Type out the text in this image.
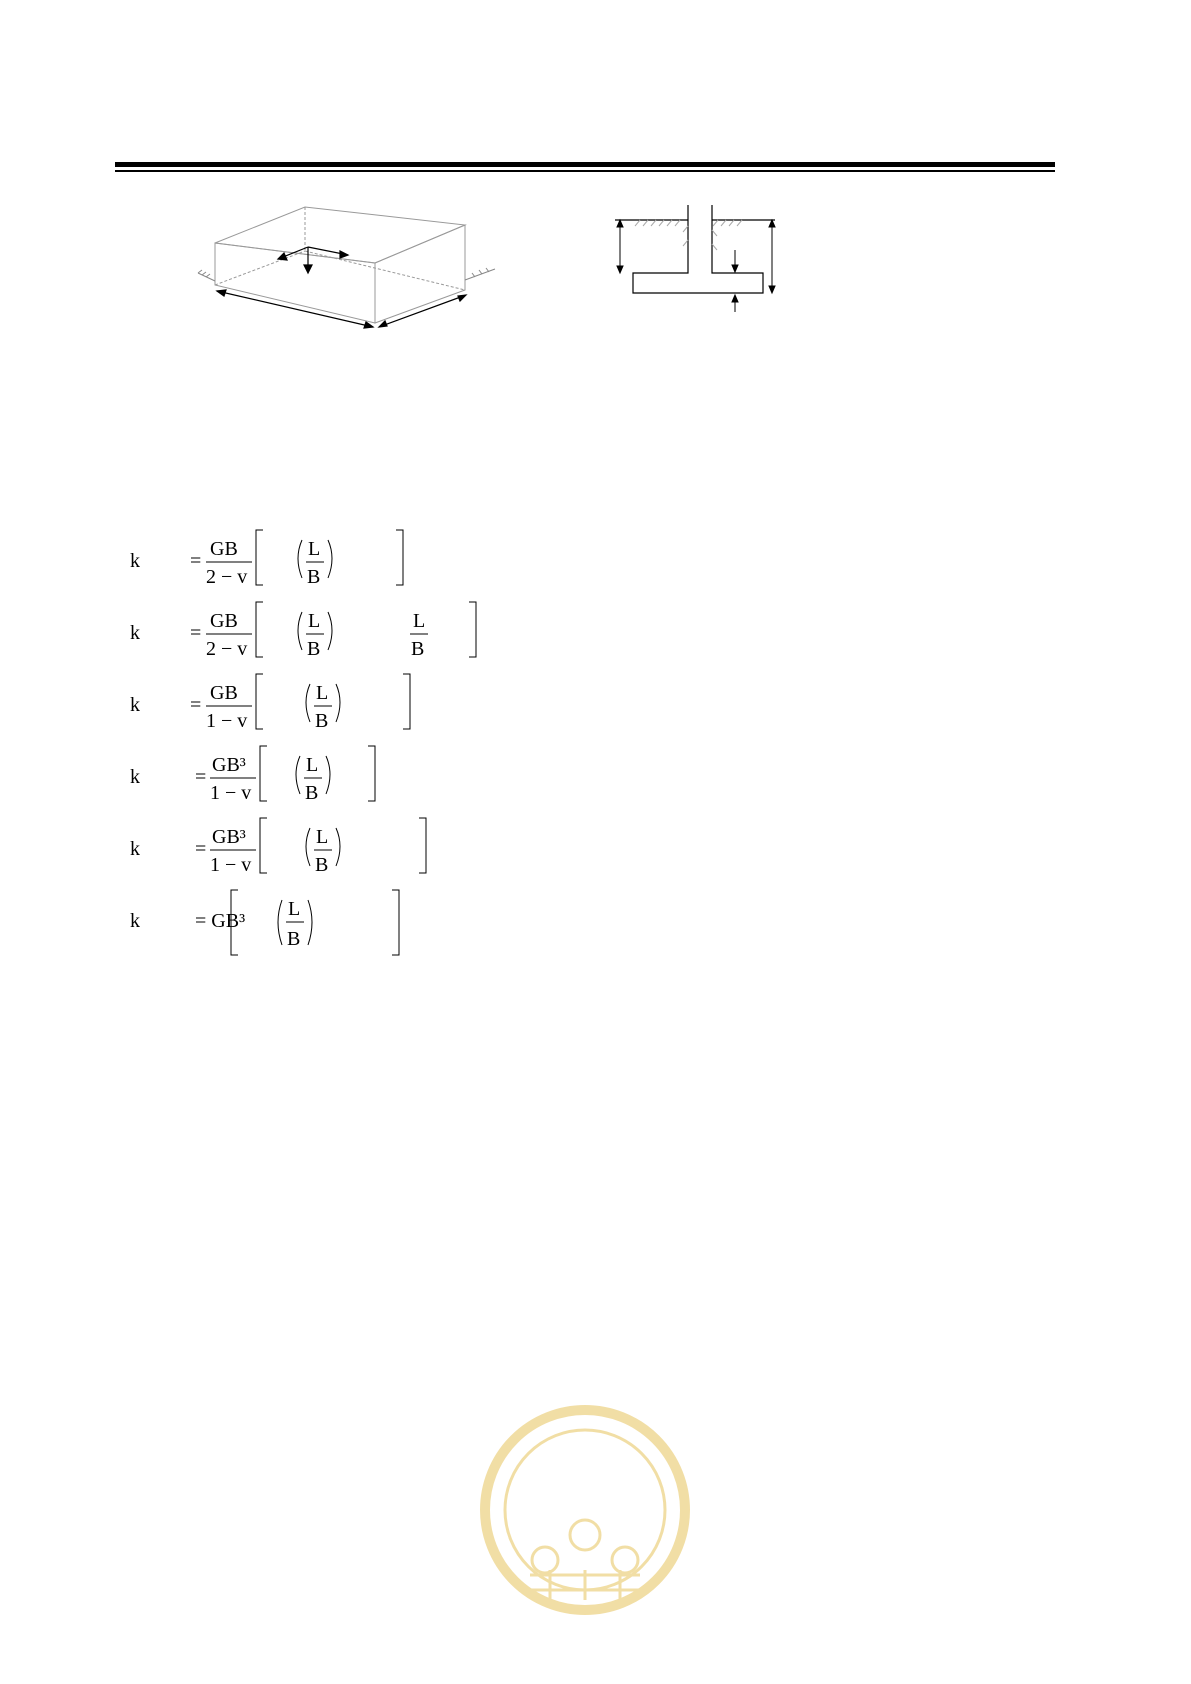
k	=
GB
2 − v
L
B
k	=
GB
2 − v
L
B
L
B
k	=
GB
1 − v
L
B
k	=
GB³
1 − v
L
B
k	=
GB³
1 − v
L
B
k	= GB³
L
B
